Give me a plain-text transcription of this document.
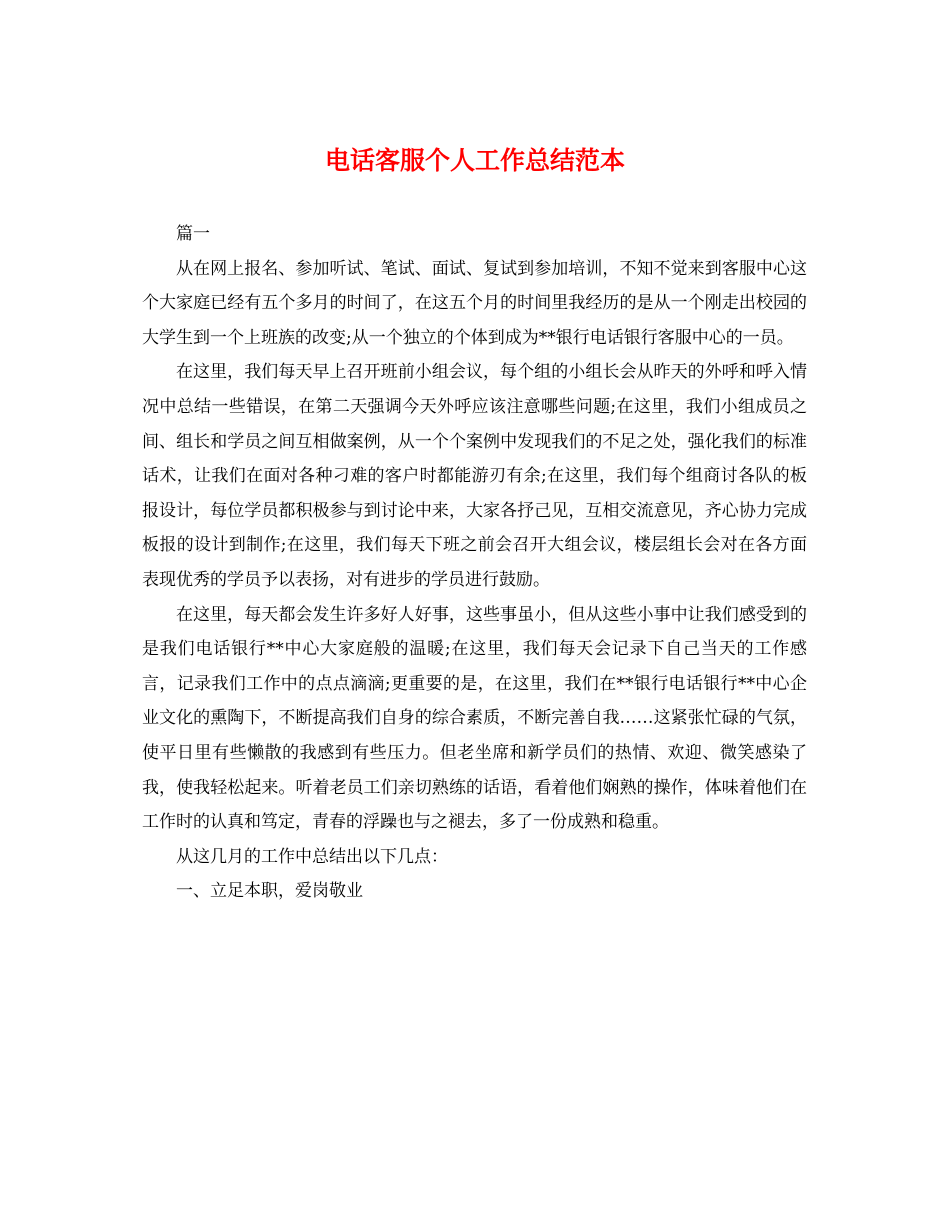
电话客服个人工作总结范本

篇一

从在网上报名、参加听试、笔试、面试、复试到参加培训，不知不觉来到客服中心这个大家庭已经有五个多月的时间了，在这五个月的时间里我经历的是从一个刚走出校园的大学生到一个上班族的改变;从一个独立的个体到成为**银行电话银行客服中心的一员。

在这里，我们每天早上召开班前小组会议，每个组的小组长会从昨天的外呼和呼入情况中总结一些错误，在第二天强调今天外呼应该注意哪些问题;在这里，我们小组成员之间、组长和学员之间互相做案例，从一个个案例中发现我们的不足之处，强化我们的标准话术，让我们在面对各种刁难的客户时都能游刃有余;在这里，我们每个组商讨各队的板报设计，每位学员都积极参与到讨论中来，大家各抒己见，互相交流意见，齐心协力完成板报的设计到制作;在这里，我们每天下班之前会召开大组会议，楼层组长会对在各方面表现优秀的学员予以表扬，对有进步的学员进行鼓励。

在这里，每天都会发生许多好人好事，这些事虽小，但从这些小事中让我们感受到的是我们电话银行**中心大家庭般的温暖;在这里，我们每天会记录下自己当天的工作感言，记录我们工作中的点点滴滴;更重要的是，在这里，我们在**银行电话银行**中心企业文化的熏陶下，不断提高我们自身的综合素质，不断完善自我……这紧张忙碌的气氛，使平日里有些懒散的我感到有些压力。但老坐席和新学员们的热情、欢迎、微笑感染了我，使我轻松起来。听着老员工们亲切熟练的话语，看着他们娴熟的操作，体味着他们在工作时的认真和笃定，青春的浮躁也与之褪去，多了一份成熟和稳重。

从这几月的工作中总结出以下几点：

一、立足本职，爱岗敬业
